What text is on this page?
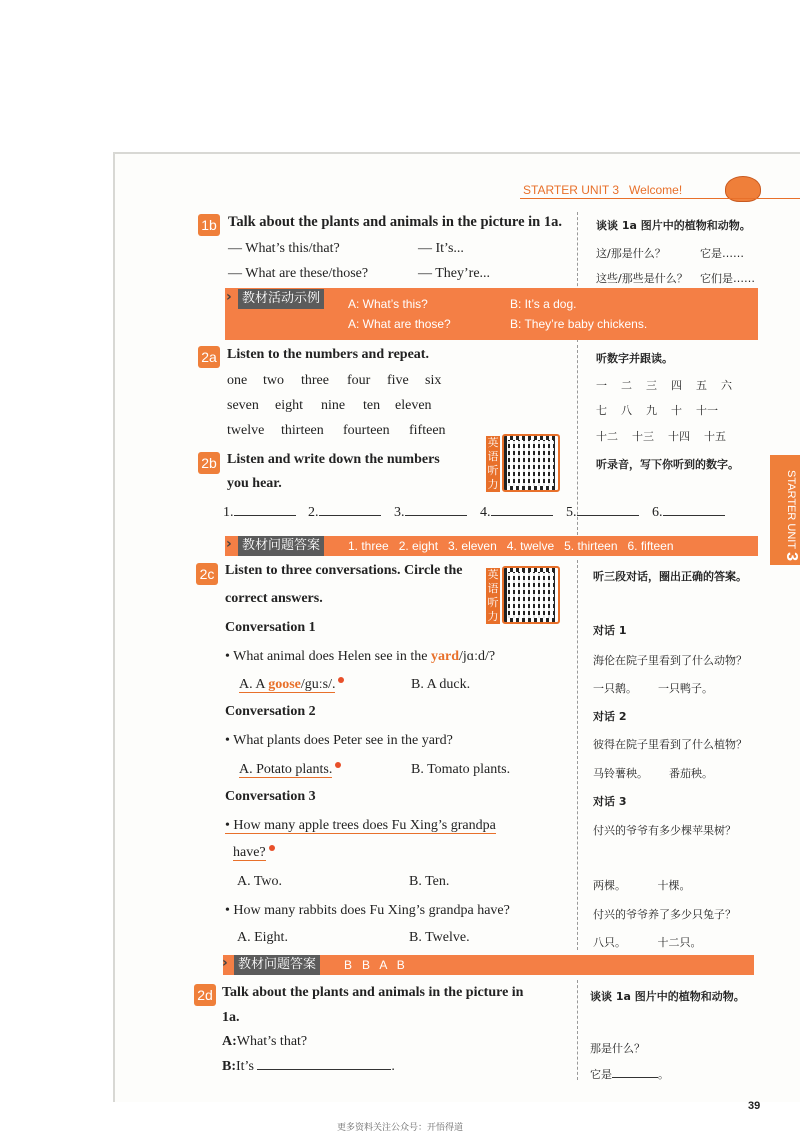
STARTER UNIT 3 Welcome!
STARTER UNIT 3
1b Talk about the plants and animals in the picture in 1a.	谈谈 1a 图片中的植物和动物。
— What’s this/that?	— It’s...
— What are these/those?	— They’re...
这/那是什么？	它是……
这些/那些是什么？ 它们是……
› 教材活动示例	A: What’s this?	B: It’s a dog.
A: What are those?	B: They’re baby chickens.
2a Listen to the numbers and repeat.	听数字并跟读。
one two three four five six
seven eight nine ten eleven
twelve thirteen fourteen fifteen
一 二 三 四 五 六
七 八 九 十 十一
十二 十三 十四 十五
英
语
听
力
2b Listen and write down the numbers
you hear.
听录音，写下你听到的数字。
1.	2.	3.	4.	5.	6.
› 教材问题答案	1. three   2. eight   3. eleven   4. twelve   5. thirteen   6. fifteen
2c Listen to three conversations. Circle the
correct answers.
听三段对话，圈出正确的答案。
英
语
听
力
Conversation 1	对话 1
• What animal does Helen see in the yard/jɑːd/?	海伦在院子里看到了什么动物？
A. A goose/guːs/.	B. A duck.	一只鹅。      一只鸭子。
Conversation 2	对话 2
• What plants does Peter see in the yard?	彼得在院子里看到了什么植物？
A. Potato plants.	B. Tomato plants.	马铃薯秧。      番茄秧。
Conversation 3	对话 3
• How many apple trees does Fu Xing’s grandpa
have?
付兴的爷爷有多少棵苹果树？
A. Two.	B. Ten.	两棵。         十棵。
• How many rabbits does Fu Xing’s grandpa have?	付兴的爷爷养了多少只兔子？
A. Eight.	B. Twelve.	八只。         十二只。
› 教材问题答案	B   B   A   B
2d Talk about the plants and animals in the picture in
1a.
谈谈 1a 图片中的植物和动物。
A:What’s that?
B:It’s	.
那是什么？
它是	。
39
更多资料关注公众号：开悟得道
